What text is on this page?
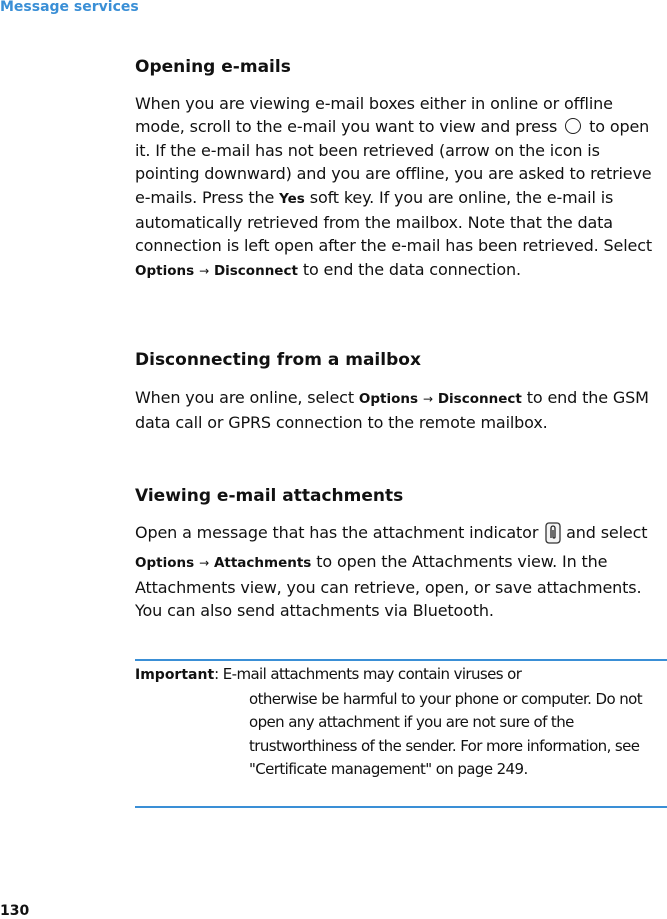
Message services
Opening e-mails

When you are viewing e-mail boxes either in online or offline mode, scroll to the e-mail you want to view and press to open it. If the e-mail has not been retrieved (arrow on the icon is pointing downward) and you are offline, you are asked to retrieve e-mails. Press the Yes soft key. If you are online, the e-mail is automatically retrieved from the mailbox. Note that the data connection is left open after the e-mail has been retrieved. Select Options → Disconnect to end the data connection.

Disconnecting from a mailbox

When you are online, select Options → Disconnect to end the GSM data call or GPRS connection to the remote mailbox.

Viewing e-mail attachments

Open a message that has the attachment indicator and select Options → Attachments to open the Attachments view. In the Attachments view, you can retrieve, open, or save attachments. You can also send attachments via Bluetooth.

Important: E-mail attachments may contain viruses or
otherwise be harmful to your phone or computer. Do not open any attachment if you are not sure of the trustworthiness of the sender. For more information, see "Certificate management" on page 249.
130
